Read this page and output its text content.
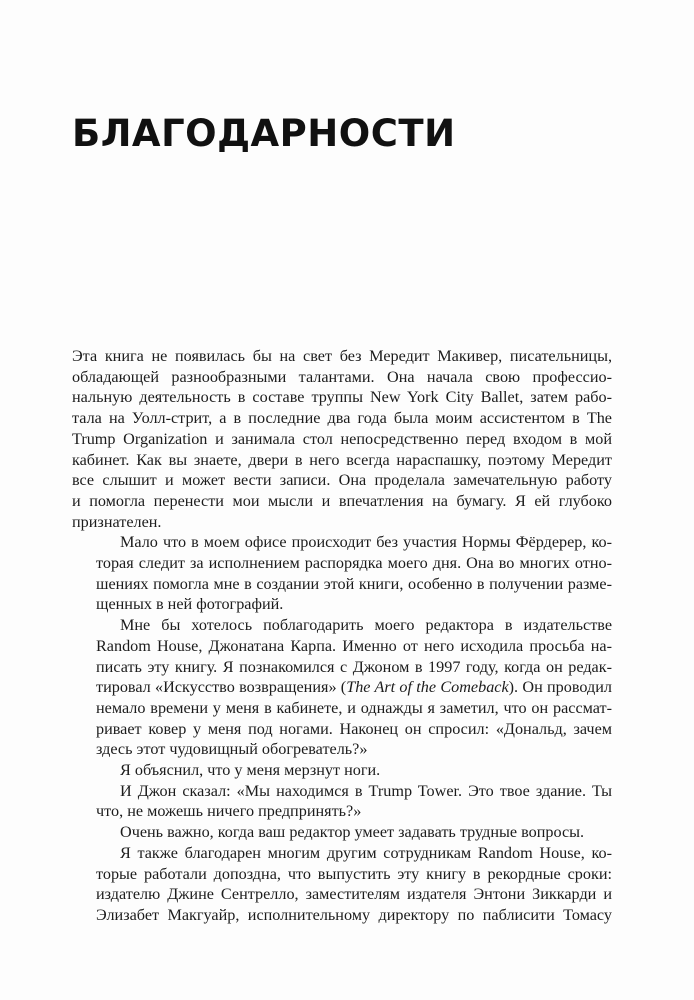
БЛАГОДАРНОСТИ

Эта книга не появилась бы на свет без Мередит Макивер, писательницы,
обладающей разнообразными талантами. Она начала свою профессио-
нальную деятельность в составе труппы New York City Ballet, затем рабо-
тала на Уолл-стрит, а в последние два года была моим ассистентом в The
Trump Organization и занимала стол непосредственно перед входом в мой
кабинет. Как вы знаете, двери в него всегда нараспашку, поэтому Мередит
все слышит и может вести записи. Она проделала замечательную работу
и помогла перенести мои мысли и впечатления на бумагу. Я ей глубоко
признателен.

Мало что в моем офисе происходит без участия Нормы Фёрдерер, ко-
торая следит за исполнением распорядка моего дня. Она во многих отно-
шениях помогла мне в создании этой книги, особенно в получении разме-
щенных в ней фотографий.

Мне бы хотелось поблагодарить моего редактора в издательстве
Random House, Джонатана Карпа. Именно от него исходила просьба на-
писать эту книгу. Я познакомился с Джоном в 1997 году, когда он редак-
тировал «Искусство возвращения» (The Art of the Comeback). Он проводил
немало времени у меня в кабинете, и однажды я заметил, что он рассмат-
ривает ковер у меня под ногами. Наконец он спросил: «Дональд, зачем
здесь этот чудовищный обогреватель?»

Я объяснил, что у меня мерзнут ноги.

И Джон сказал: «Мы находимся в Trump Tower. Это твое здание. Ты
что, не можешь ничего предпринять?»

Очень важно, когда ваш редактор умеет задавать трудные вопросы.

Я также благодарен многим другим сотрудникам Random House, ко-
торые работали допоздна, что выпустить эту книгу в рекордные сроки:
издателю Джине Сентрелло, заместителям издателя Энтони Зиккарди и
Элизабет Макгуайр, исполнительному директору по паблисити Томасу
